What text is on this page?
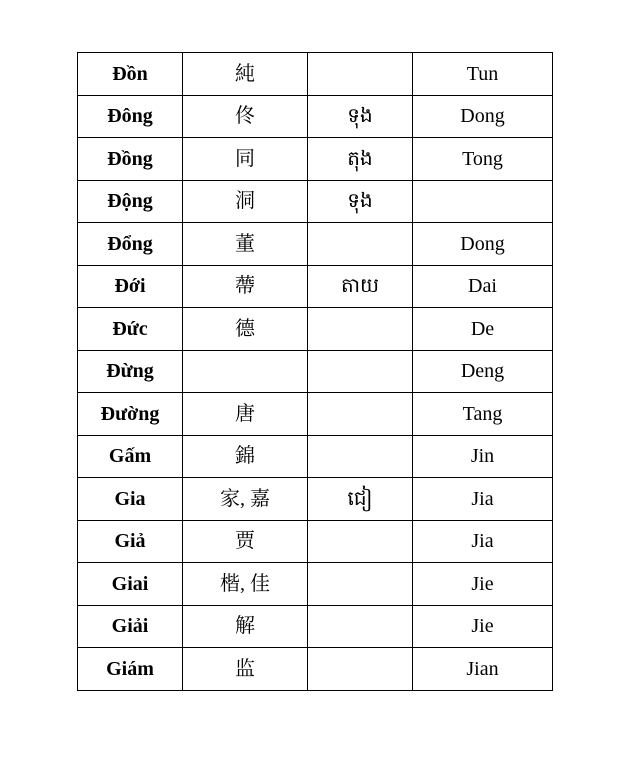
Đồn	純		Tun
Đông	佟	ទុង	Dong
Đồng	同	តុង	Tong
Động	洞	ទុង	
Đổng	董		Dong
Đới	蔕	តាយ	Dai
Đức	德		De
Đừng			Deng
Đường	唐		Tang
Gấm	錦		Jin
Gia	家, 嘉	ជៀ	Jia
Giả	贾		Jia
Giai	楷, 佳		Jie
Giải	解		Jie
Giám	监		Jian
